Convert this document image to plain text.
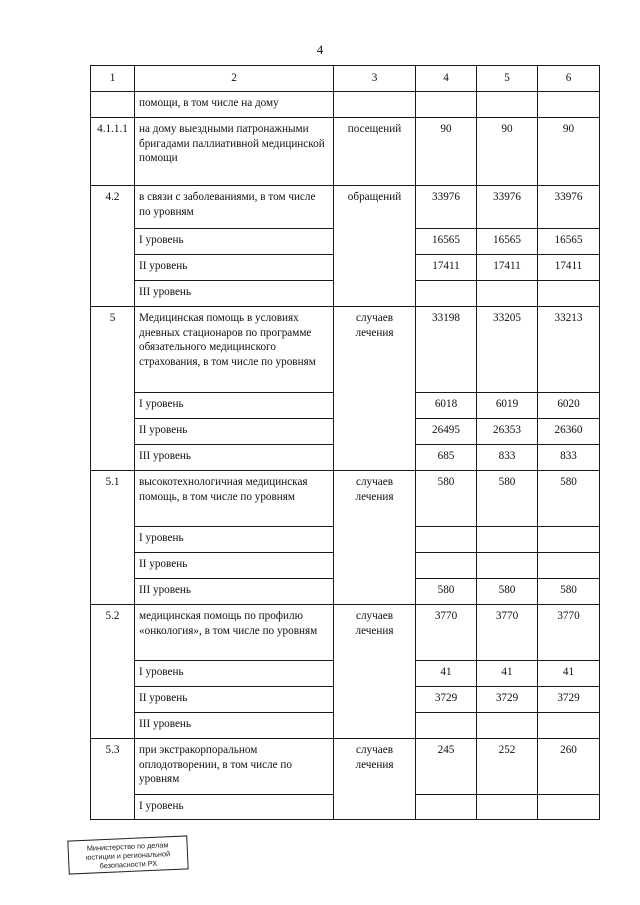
4
1	2	3	4	5	6
	помощи, в том числе на дому				
4.1.1.1	на дому выездными патронажными бригадами паллиативной медицинской помощи	посещений	90	90	90
4.2	в связи с заболеваниями, в том числе по уровням	обращений	33976	33976	33976
	I уровень		16565	16565	16565
	II уровень		17411	17411	17411
	III уровень				
5	Медицинская помощь в условиях дневных стационаров по программе обязательного медицинского страхования, в том числе по уровням	случаев лечения	33198	33205	33213
	I уровень		6018	6019	6020
	II уровень		26495	26353	26360
	III уровень		685	833	833
5.1	высокотехнологичная медицинская помощь, в том числе по уровням	случаев лечения	580	580	580
	I уровень				
	II уровень				
	III уровень		580	580	580
5.2	медицинская помощь по профилю «онкология», в том числе по уровням	случаев лечения	3770	3770	3770
	I уровень		41	41	41
	II уровень		3729	3729	3729
	III уровень				
5.3	при экстракорпоральном оплодотворении, в том числе по уровням	случаев лечения	245	252	260
	I уровень				
Министерство по делам
юстиции и региональной
безопасности РХ
